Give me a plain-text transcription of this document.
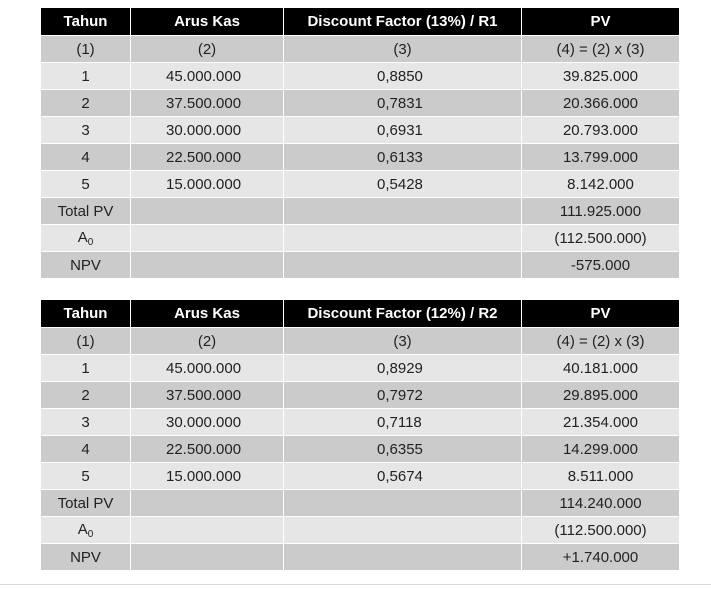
Tahun	Arus Kas	Discount Factor (13%) / R1	PV
(1)	(2)	(3)	(4) = (2) x (3)
1	45.000.000	0,8850	39.825.000
2	37.500.000	0,7831	20.366.000
3	30.000.000	0,6931	20.793.000
4	22.500.000	0,6133	13.799.000
5	15.000.000	0,5428	8.142.000
Total PV			111.925.000
$A_0$			(112.500.000)
NPV			-575.000
Tahun	Arus Kas	Discount Factor (12%) / R2	PV
(1)	(2)	(3)	(4) = (2) x (3)
1	45.000.000	0,8929	40.181.000
2	37.500.000	0,7972	29.895.000
3	30.000.000	0,7118	21.354.000
4	22.500.000	0,6355	14.299.000
5	15.000.000	0,5674	8.511.000
Total PV			114.240.000
$A_0$			(112.500.000)
NPV			+1.740.000
